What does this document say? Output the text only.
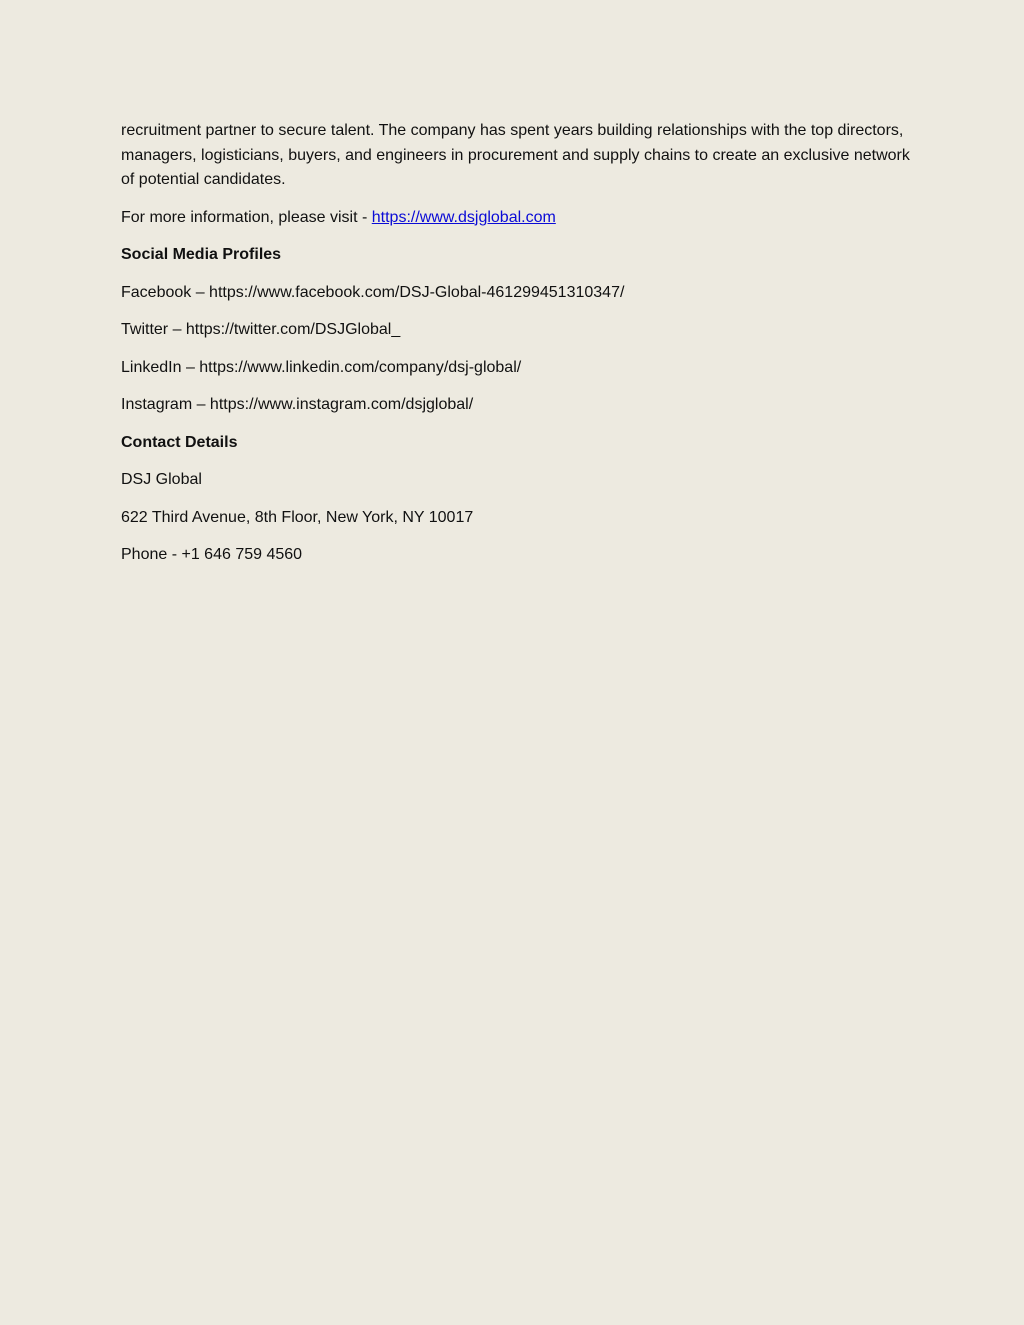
recruitment partner to secure talent. The company has spent years building relationships with the top directors, managers, logisticians, buyers, and engineers in procurement and supply chains to create an exclusive network of potential candidates.

For more information, please visit - https://www.dsjglobal.com

Social Media Profiles

Facebook – https://www.facebook.com/DSJ-Global-461299451310347/

Twitter – https://twitter.com/DSJGlobal_

LinkedIn – https://www.linkedin.com/company/dsj-global/

Instagram – https://www.instagram.com/dsjglobal/

Contact Details

DSJ Global

622 Third Avenue, 8th Floor, New York, NY 10017

Phone - +1 646 759 4560
